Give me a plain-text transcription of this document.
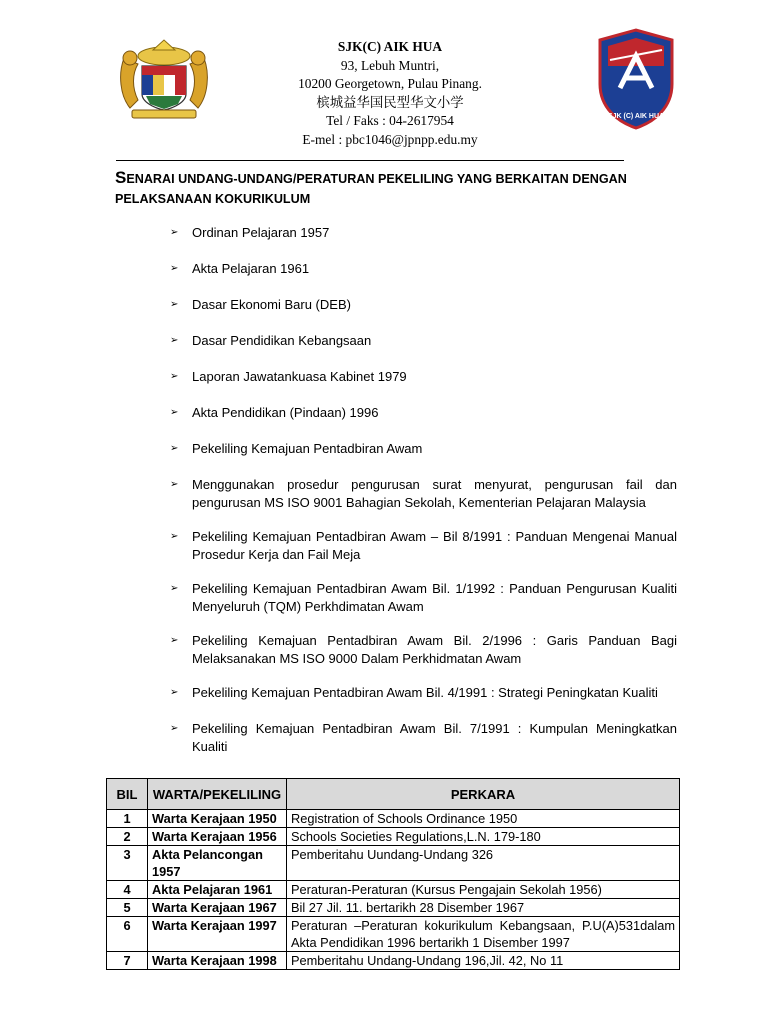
SJK(C) AIK HUA
93, Lebuh Muntri,
10200 Georgetown, Pulau Pinang.
槟城益华国民型华文小学
Tel / Faks : 04-2617954
E-mel : pbc1046@jpnpp.edu.my
SJK (C) AIK HUA
SENARAI UNDANG-UNDANG/PERATURAN PEKELILING YANG BERKAITAN DENGAN
PELAKSANAAN KOKURIKULUM
➢	Ordinan Pelajaran 1957
➢	Akta Pelajaran 1961
➢	Dasar Ekonomi Baru (DEB)
➢	Dasar Pendidikan Kebangsaan
➢	Laporan Jawatankuasa Kabinet 1979
➢	Akta Pendidikan (Pindaan) 1996
➢	Pekeliling Kemajuan Pentadbiran Awam
➢	Menggunakan prosedur pengurusan surat menyurat, pengurusan fail dan pengurusan MS ISO 9001 Bahagian Sekolah, Kementerian Pelajaran Malaysia
➢	Pekeliling Kemajuan Pentadbiran Awam – Bil 8/1991 : Panduan Mengenai Manual Prosedur Kerja dan Fail Meja
➢	Pekeliling Kemajuan Pentadbiran Awam Bil. 1/1992 : Panduan Pengurusan Kualiti Menyeluruh (TQM) Perkhdimatan Awam
➢	Pekeliling Kemajuan Pentadbiran Awam Bil. 2/1996 : Garis Panduan Bagi Melaksanakan MS ISO 9000 Dalam Perkhidmatan Awam
➢	Pekeliling Kemajuan Pentadbiran Awam Bil. 4/1991 : Strategi Peningkatan Kualiti
➢	Pekeliling Kemajuan Pentadbiran Awam Bil. 7/1991 : Kumpulan Meningkatkan Kualiti
BIL	WARTA/PEKELILING	PERKARA
1	Warta Kerajaan 1950	Registration of Schools Ordinance 1950
2	Warta Kerajaan 1956	Schools Societies Regulations,L.N. 179-180
3	Akta Pelancongan 1957	Pemberitahu Uundang-Undang 326
4	Akta Pelajaran 1961	Peraturan-Peraturan (Kursus Pengajain Sekolah 1956)
5	Warta Kerajaan 1967	Bil 27 Jil. 11. bertarikh 28 Disember 1967
6	Warta Kerajaan 1997	Peraturan –Peraturan kokurikulum Kebangsaan, P.U(A)531dalam Akta Pendidikan 1996 bertarikh 1 Disember 1997
7	Warta Kerajaan 1998	Pemberitahu Undang-Undang 196,Jil. 42, No 11
